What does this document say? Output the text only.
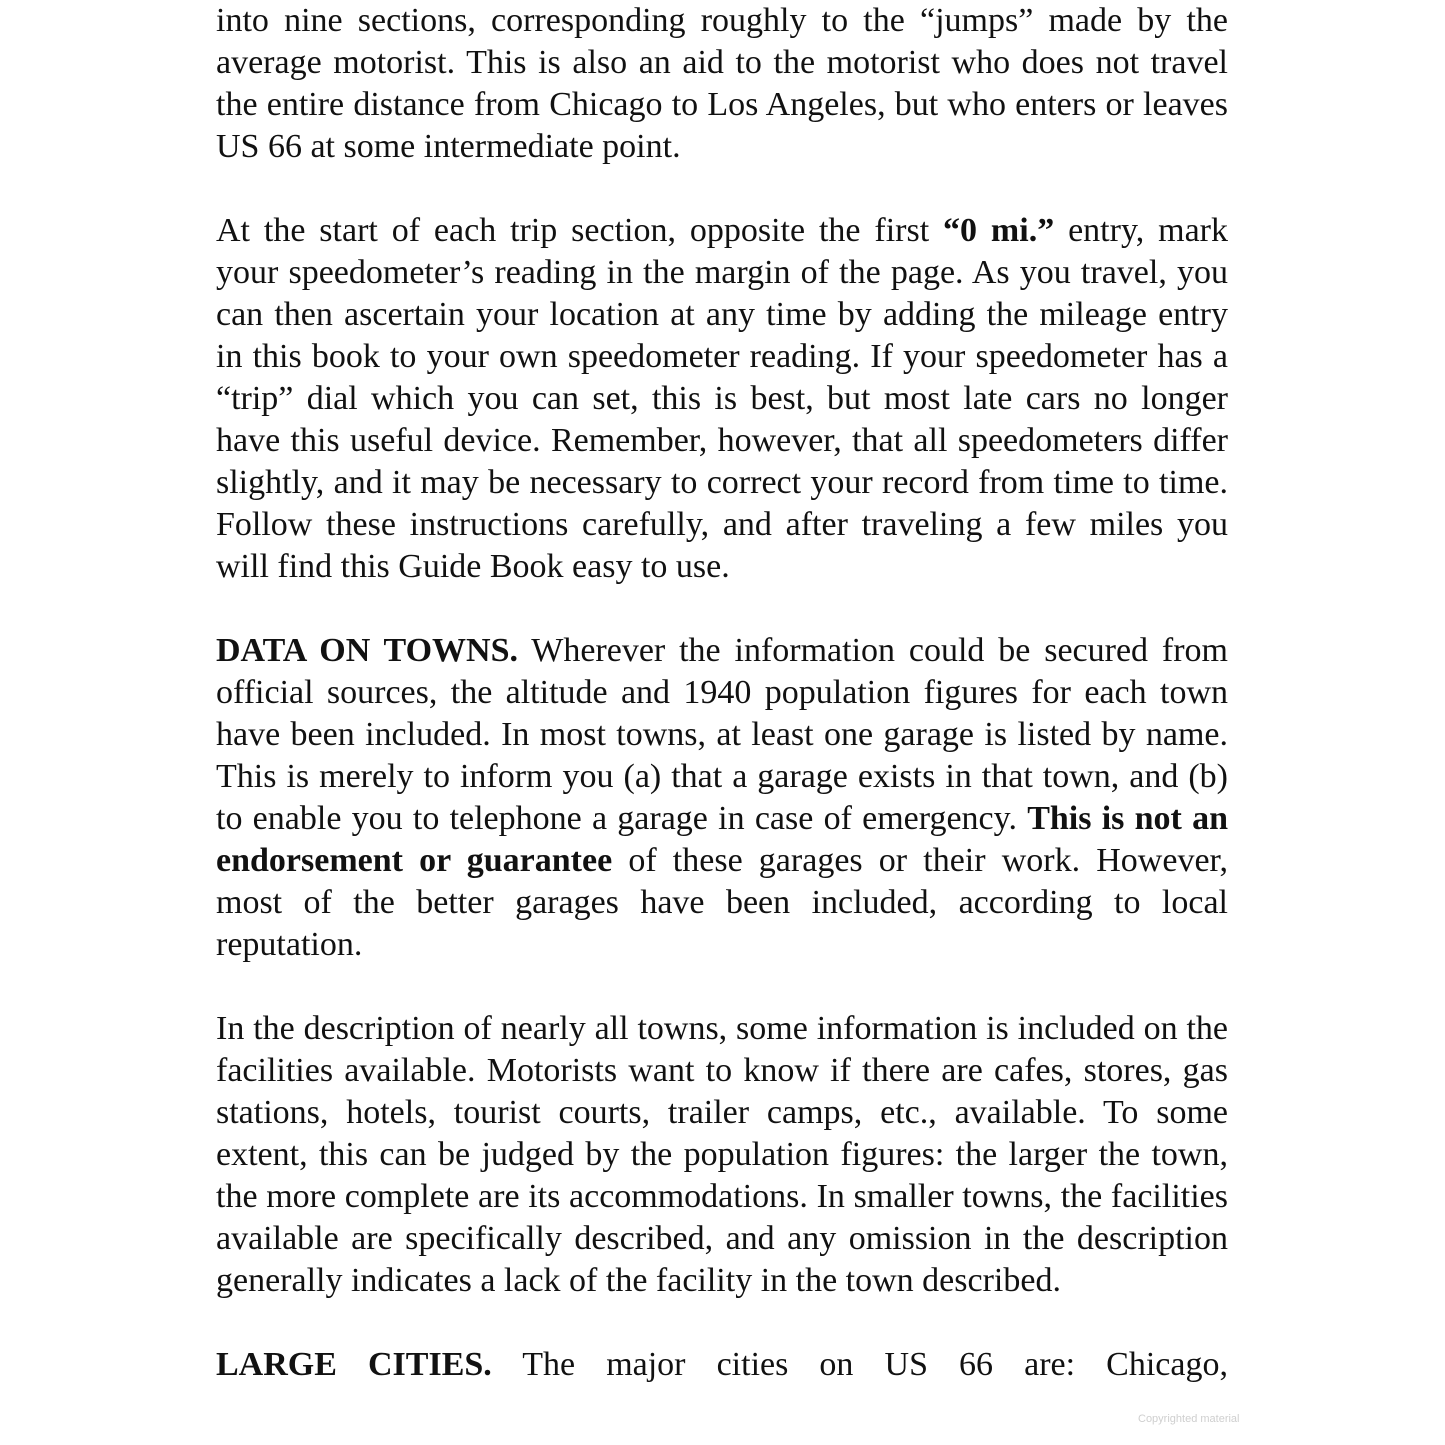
into nine sections, corresponding roughly to the “jumps” made by the average motorist. This is also an aid to the motorist who does not travel the entire distance from Chicago to Los Angeles, but who enters or leaves US 66 at some intermediate point.

At the start of each trip section, opposite the first “0 mi.” entry, mark your speedometer’s reading in the margin of the page. As you travel, you can then ascertain your location at any time by adding the mileage entry in this book to your own speedometer reading. If your speedometer has a “trip” dial which you can set, this is best, but most late cars no longer have this useful device. Remember, however, that all speedometers differ slightly, and it may be necessary to correct your record from time to time. Follow these instructions carefully, and after traveling a few miles you will find this Guide Book easy to use.

DATA ON TOWNS. Wherever the information could be secured from official sources, the altitude and 1940 population figures for each town have been included. In most towns, at least one garage is listed by name. This is merely to inform you (a) that a garage exists in that town, and (b) to enable you to telephone a garage in case of emergency. This is not an endorsement or guarantee of these garages or their work. However, most of the better garages have been included, according to local reputation.

In the description of nearly all towns, some information is included on the facilities available. Motorists want to know if there are cafes, stores, gas stations, hotels, tourist courts, trailer camps, etc., available. To some extent, this can be judged by the population figures: the larger the town, the more complete are its accommodations. In smaller towns, the facilities available are specifically described, and any omission in the description generally indicates a lack of the facility in the town described.

LARGE CITIES. The major cities on US 66 are: Chicago,

Copyrighted material
